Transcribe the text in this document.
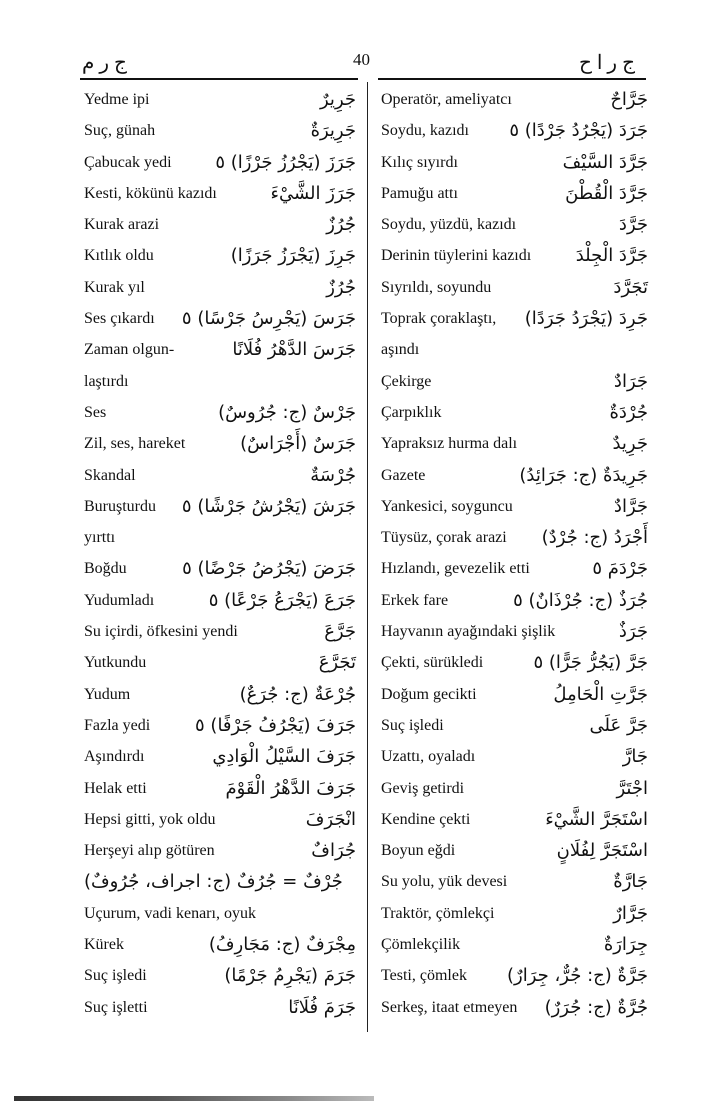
ج ر م	40	ج ر ا ح
Yedme ipi	جَرِيرٌ
Suç, günah	جَرِيرَةٌ
Çabucak yedi جَرَزَ (يَجْرُزُ جَرْزًا) ٥
Kesti, kökünü kazıdı	جَرَزَ الشَّيْءَ
Kurak arazi	جُرُزٌ
Kıtlık oldu	جَرِزَ (يَجْرَزُ جَرَزًا)
Kurak yıl	جُرُزٌ
Ses çıkardı جَرَسَ (يَجْرِسُ جَرْسًا) ٥
Zaman olgun-	جَرَسَ الدَّهْرُ فُلَانًا
laştırdı
Ses	جَرْسٌ (ج: جُرُوسٌ)
Zil, ses, hareket	جَرَسٌ (أَجْرَاسٌ)
Skandal	جُرْسَةٌ
Buruşturdu جَرَشَ (يَجْرُشُ جَرْشًا) ٥
yırttı
Boğdu	جَرَضَ (يَجْرُضُ جَرْضًا) ٥
Yudumladı	جَرَعَ (يَجْرَعُ جَرْعًا) ٥
Su içirdi, öfkesini yendi	جَرَّعَ
Yutkundu	تَجَرَّعَ
Yudum	جُرْعَةٌ (ج: جُرَعٌ)
Fazla yedi جَرَفَ (يَجْرُفُ جَرْفًا) ٥
Aşındırdı	جَرَفَ السَّيْلُ الْوَادِي
Helak etti	جَرَفَ الدَّهْرُ الْقَوْمَ
Hepsi gitti, yok oldu	انْجَرَفَ
Herşeyi alıp götüren	جُرَافٌ
جُرْفٌ = جُرُفٌ (ج: اجراف، جُرُوفٌ)
Uçurum, vadi kenarı, oyuk
Kürek	مِجْرَفٌ (ج: مَجَارِفُ)
Suç işledi	جَرَمَ (يَجْرِمُ جَرْمًا)
Suç işletti	جَرَمَ فُلَانًا
Operatör, ameliyatcı	جَرَّاحٌ
Soydu, kazıdı جَرَدَ (يَجْرُدُ جَرْدًا) ٥
Kılıç sıyırdı	جَرَّدَ السَّيْفَ
Pamuğu attı	جَرَّدَ الْقُطْنَ
Soydu, yüzdü, kazıdı	جَرَّدَ
Derinin tüylerini kazıdı جَرَّدَ الْجِلْدَ
Sıyrıldı, soyundu	تَجَرَّدَ
Toprak çoraklaştı, جَرِدَ (يَجْرَدُ جَرَدًا)
aşındı
Çekirge	جَرَادٌ
Çarpıklık	جُرْدَةٌ
Yapraksız hurma dalı	جَرِيدٌ
Gazete	جَرِيدَةٌ (ج: جَرَائِدُ)
Yankesici, soyguncu	جَرَّادٌ
Tüysüz, çorak arazi أَجْرَدُ (ج: جُرْدٌ)
Hızlandı, gevezelik etti	جَرْدَمَ ٥
Erkek fare	جُرَذٌ (ج: جُرْذَانٌ) ٥
Hayvanın ayağındaki şişlik	جَرَذٌ
Çekti, sürükledi	جَرَّ (يَجُرُّ جَرًّا) ٥
Doğum gecikti	جَرَّتِ الْحَامِلُ
Suç işledi	جَرَّ عَلَى
Uzattı, oyaladı	جَارَّ
Geviş getirdi	اجْتَرَّ
Kendine çekti	اسْتَجَرَّ الشَّيْءَ
Boyun eğdi	اسْتَجَرَّ لِفُلَانٍ
Su yolu, yük devesi	جَارَّةٌ
Traktör, çömlekçi	جَرَّارٌ
Çömlekçilik	جِرَارَةٌ
Testi, çömlek جَرَّةٌ (ج: جُرٌّ، جِرَارٌ)
Serkeş, itaat etmeyen جُرَّةٌ (ج: جُرَرٌ)
